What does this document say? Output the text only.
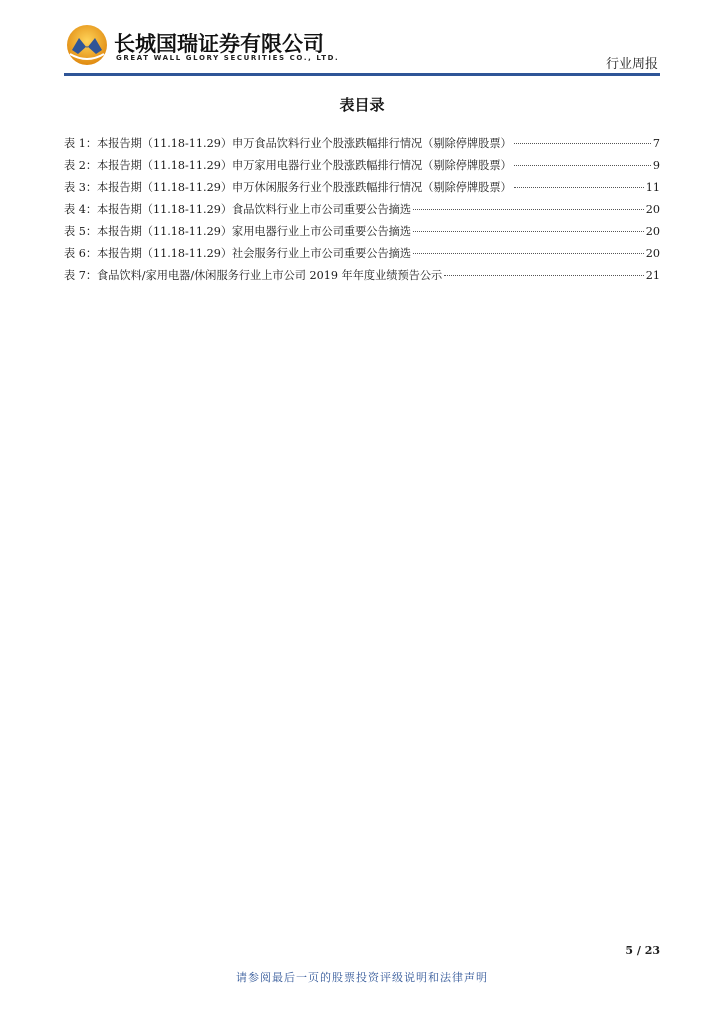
长城国瑞证券有限公司
GREAT WALL GLORY SECURITIES CO., LTD.	行业周报
表目录
表 1：本报告期（11.18-11.29）申万食品饮料行业个股涨跌幅排行情况（剔除停牌股票）	7
表 2：本报告期（11.18-11.29）申万家用电器行业个股涨跌幅排行情况（剔除停牌股票）	9
表 3：本报告期（11.18-11.29）申万休闲服务行业个股涨跌幅排行情况（剔除停牌股票）	11
表 4：本报告期（11.18-11.29）食品饮料行业上市公司重要公告摘选	20
表 5：本报告期（11.18-11.29）家用电器行业上市公司重要公告摘选	20
表 6：本报告期（11.18-11.29）社会服务行业上市公司重要公告摘选	20
表 7：食品饮料/家用电器/休闲服务行业上市公司 2019 年年度业绩预告公示	21
5 / 23
请参阅最后一页的股票投资评级说明和法律声明
